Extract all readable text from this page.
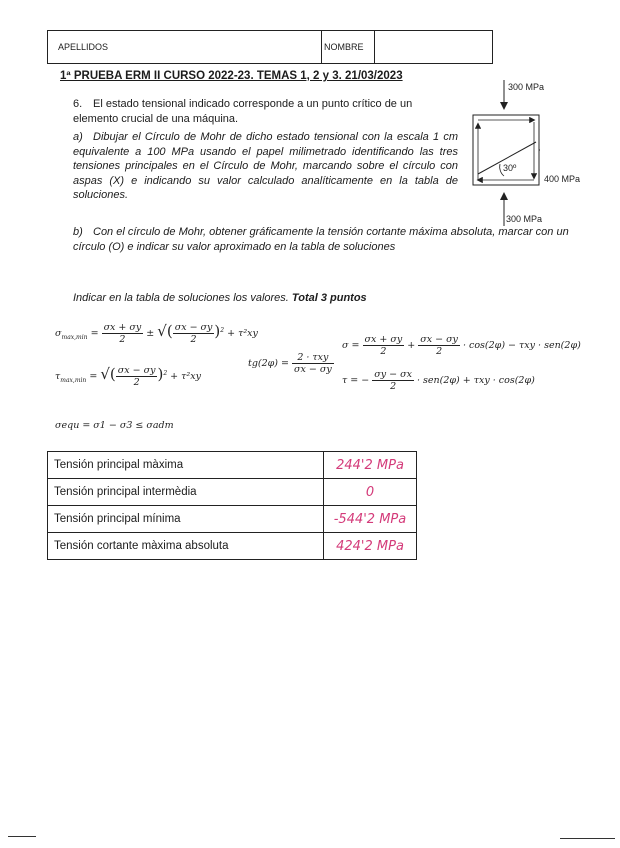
APELLIDOS	NOMBRE
1ª PRUEBA ERM II CURSO 2022-23. TEMAS 1, 2 y 3. 21/03/2023
6. El estado tensional indicado corresponde a un punto crítico de un elemento crucial de una máquina.
a) Dibujar el Círculo de Mohr de dicho estado tensional con la escala 1 cm equivalente a 100 MPa usando el papel milimetrado identificando las tres tensiones principales en el Círculo de Mohr, marcando sobre el círculo con aspas (X) e indicando su valor calculado analíticamente en la tabla de soluciones.
b) Con el círculo de Mohr, obtener gráficamente la tensión cortante máxima absoluta, marcar con un círculo (O) e indicar su valor aproximado en la tabla de soluciones
30º
300 MPa
400 MPa
300 MPa
Indicar en la tabla de soluciones los valores. Total 3 puntos
$\sigma_{max,min} = \frac{\sigma x + \sigma y}{2}$ ± √( $\frac{\sigma x - \sigma y}{2} )^2 + \tau^2xy$
$\tau_{max,min}$ = √( $\frac{\sigma x - \sigma y}{2} )^2 + \tau^2xy$
$tg(2\varphi) = \frac{\text{2 · τxy}}{\sigma x - \sigma y}$
$\sigma = \frac{\sigma x + \sigma y}{2} + \frac{\sigma x - \sigma y}{2} \cdot \cos(2\varphi) - \tau xy \cdot sen(2\varphi)$
τ = − $\frac{\sigma y - \sigma x}{2} \cdot sen(2\varphi) + \tau xy \cdot \cos(2\varphi)$
σequ = σ1 − σ3 ≤ σadm
Tensión principal màxima	244'2 MPa
Tensión principal intermèdia	0
Tensión principal mínima	-544'2 MPa
Tensión cortante màxima absoluta	424'2 MPa
